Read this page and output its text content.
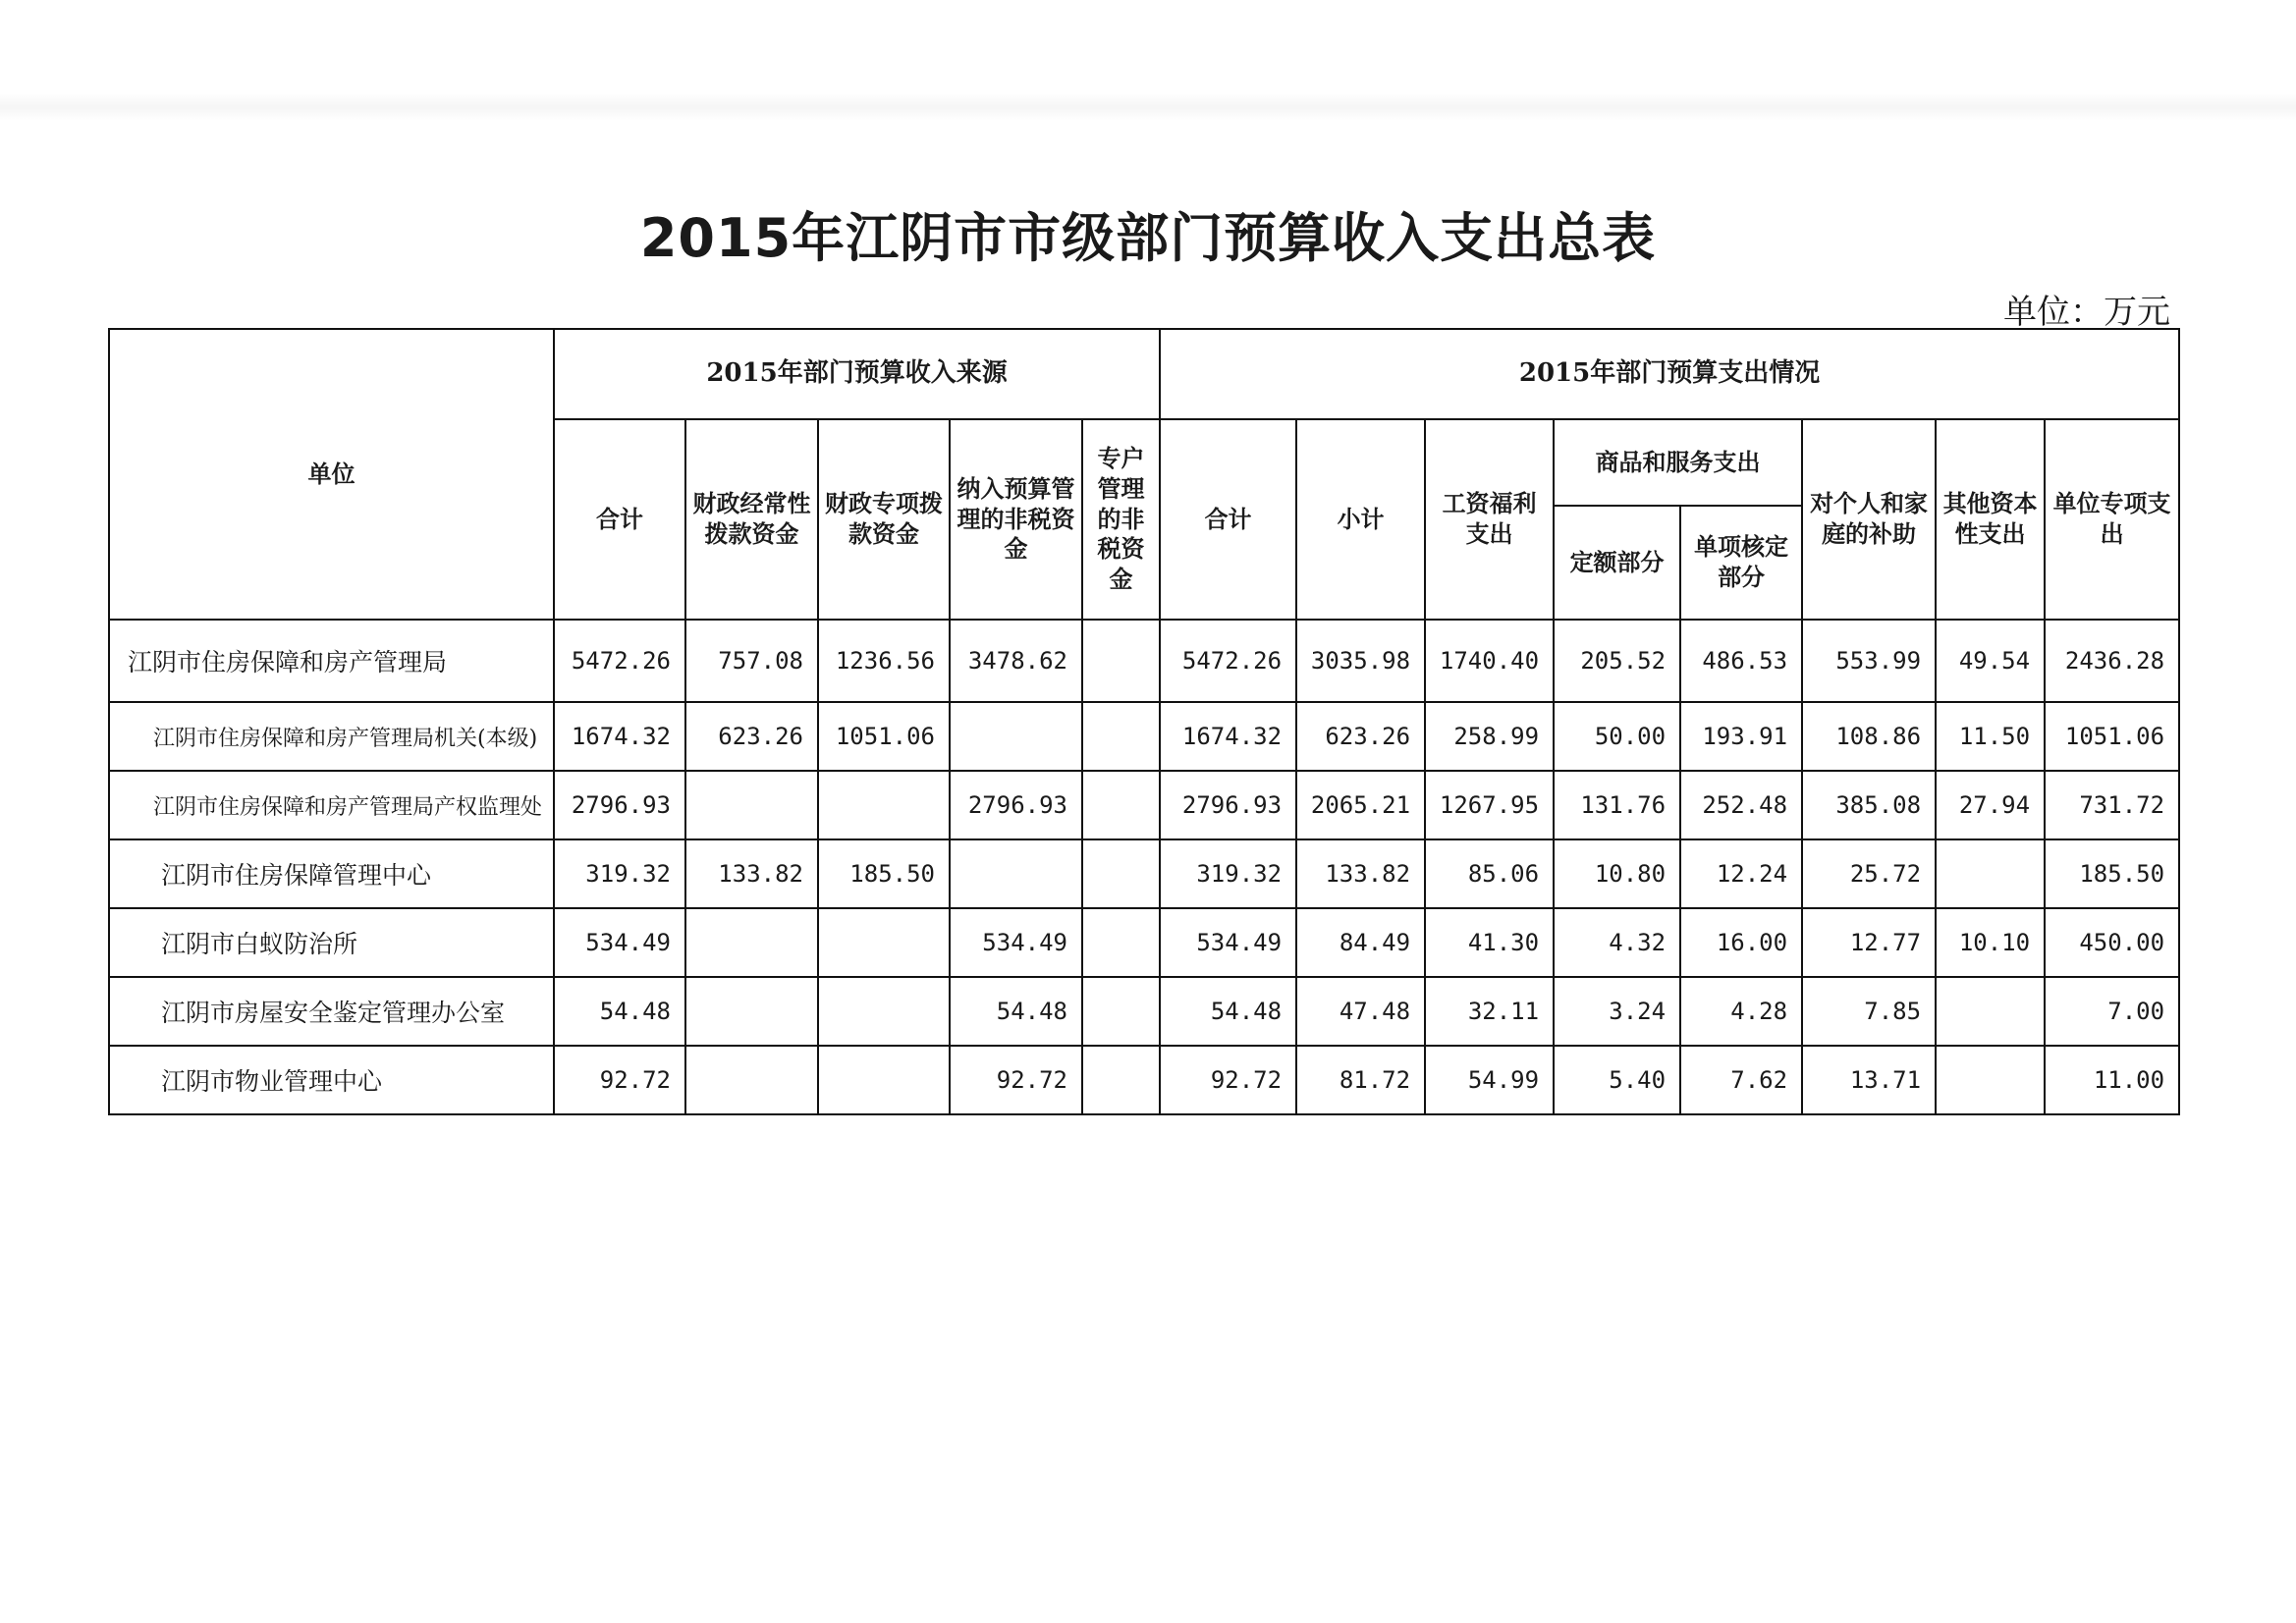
2015年江阴市市级部门预算收入支出总表
单位：万元
单位	2015年部门预算收入来源					2015年部门预算支出情况							
	合计	财政经常性拨款资金	财政专项拨款资金	纳入预算管理的非税资金	专户管理的非税资金	合计	小计	工资福利支出	商品和服务支出		对个人和家庭的补助	其他资本性支出	单位专项支出
									定额部分	单项核定部分			
江阴市住房保障和房产管理局	5472.26	757.08	1236.56	3478.62		5472.26	3035.98	1740.40	205.52	486.53	553.99	49.54	2436.28
江阴市住房保障和房产管理局机关(本级)	1674.32	623.26	1051.06			1674.32	623.26	258.99	50.00	193.91	108.86	11.50	1051.06
江阴市住房保障和房产管理局产权监理处	2796.93			2796.93		2796.93	2065.21	1267.95	131.76	252.48	385.08	27.94	731.72
江阴市住房保障管理中心	319.32	133.82	185.50			319.32	133.82	85.06	10.80	12.24	25.72		185.50
江阴市白蚁防治所	534.49			534.49		534.49	84.49	41.30	4.32	16.00	12.77	10.10	450.00
江阴市房屋安全鉴定管理办公室	54.48			54.48		54.48	47.48	32.11	3.24	4.28	7.85		7.00
江阴市物业管理中心	92.72			92.72		92.72	81.72	54.99	5.40	7.62	13.71		11.00
